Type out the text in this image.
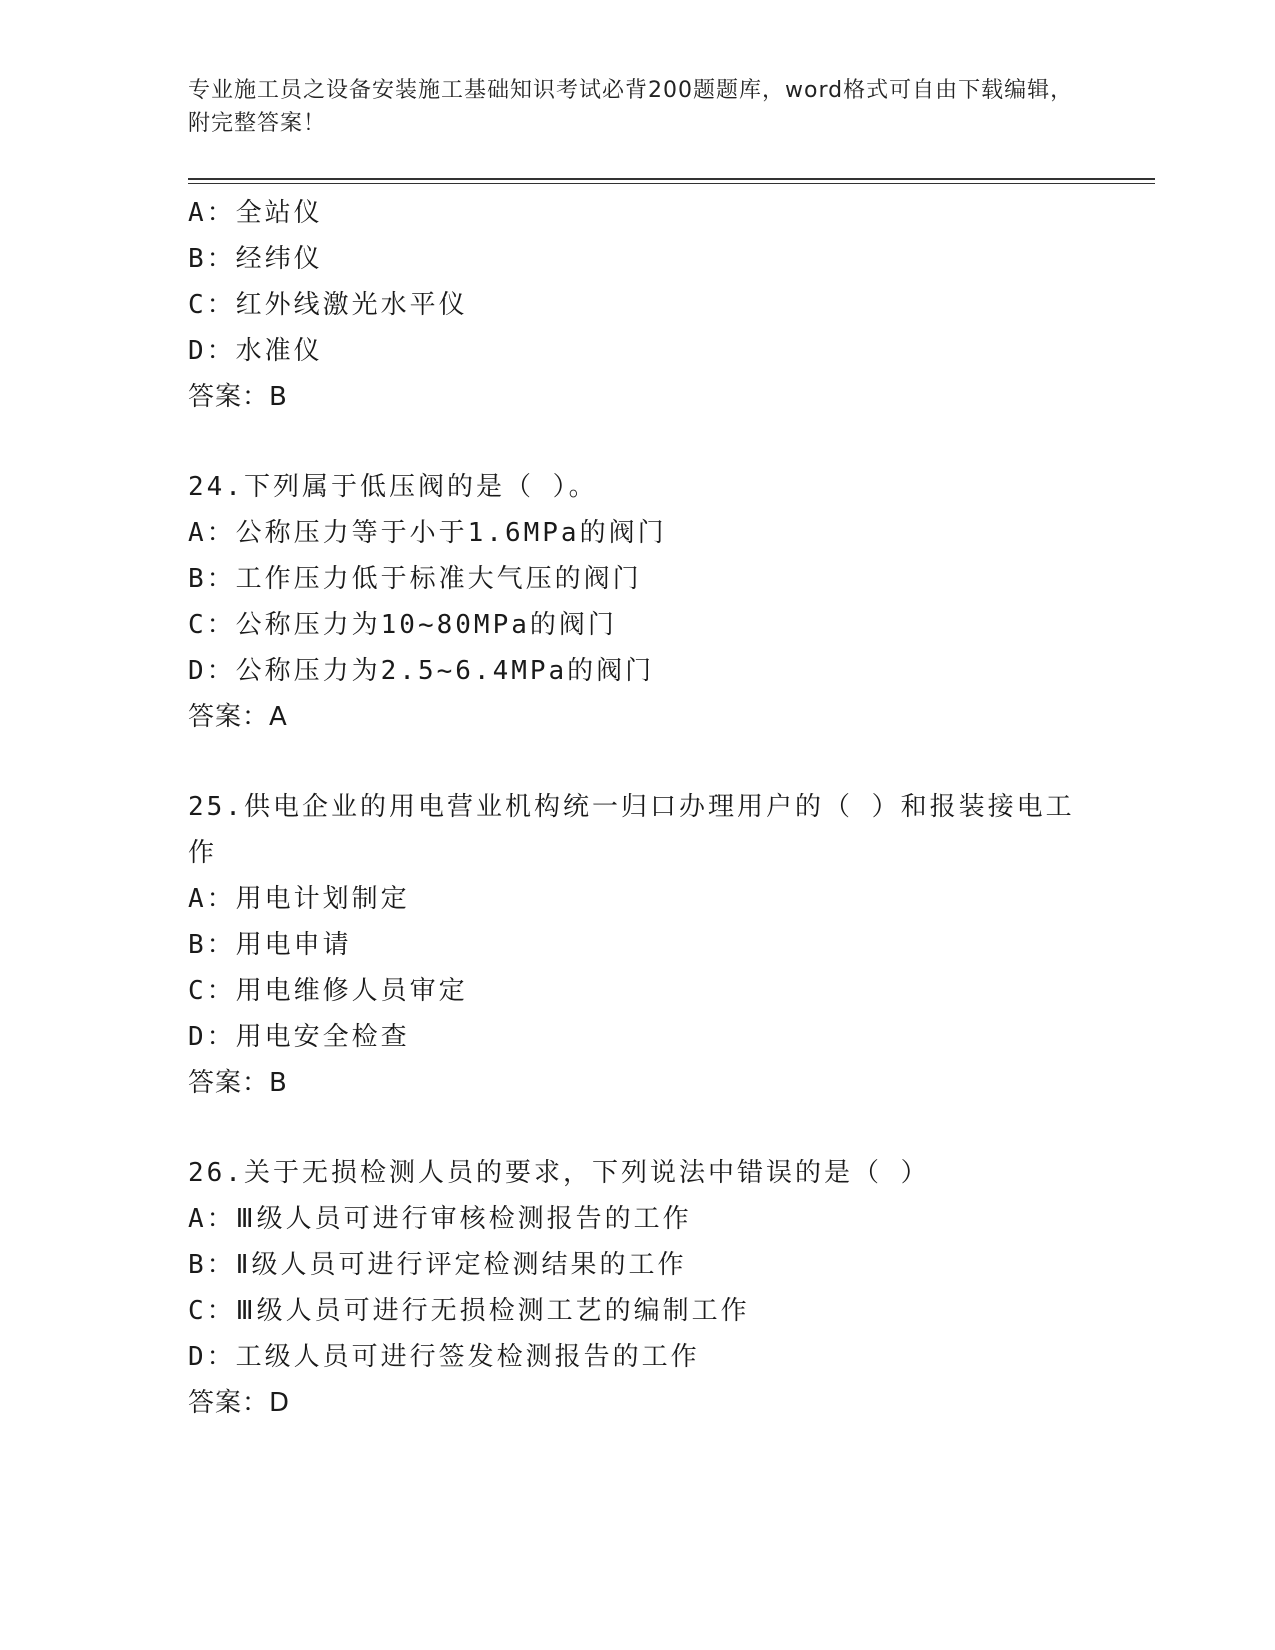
专业施工员之设备安装施工基础知识考试必背200题题库，word格式可自由下载编辑，附完整答案！
A：全站仪
B：经纬仪
C：红外线激光水平仪
D：水准仪
答案：B
24.下列属于低压阀的是（ ）。
A：公称压力等于小于1.6MPa的阀门
B：工作压力低于标准大气压的阀门
C：公称压力为10~80MPa的阀门
D：公称压力为2.5~6.4MPa的阀门
答案：A
25.供电企业的用电营业机构统一归口办理用户的（ ）和报装接电工作
A：用电计划制定
B：用电申请
C：用电维修人员审定
D：用电安全检查
答案：B
26.关于无损检测人员的要求，下列说法中错误的是（ ）
A：Ⅲ级人员可进行审核检测报告的工作
B：Ⅱ级人员可进行评定检测结果的工作
C：Ⅲ级人员可进行无损检测工艺的编制工作
D：工级人员可进行签发检测报告的工作
答案：D
